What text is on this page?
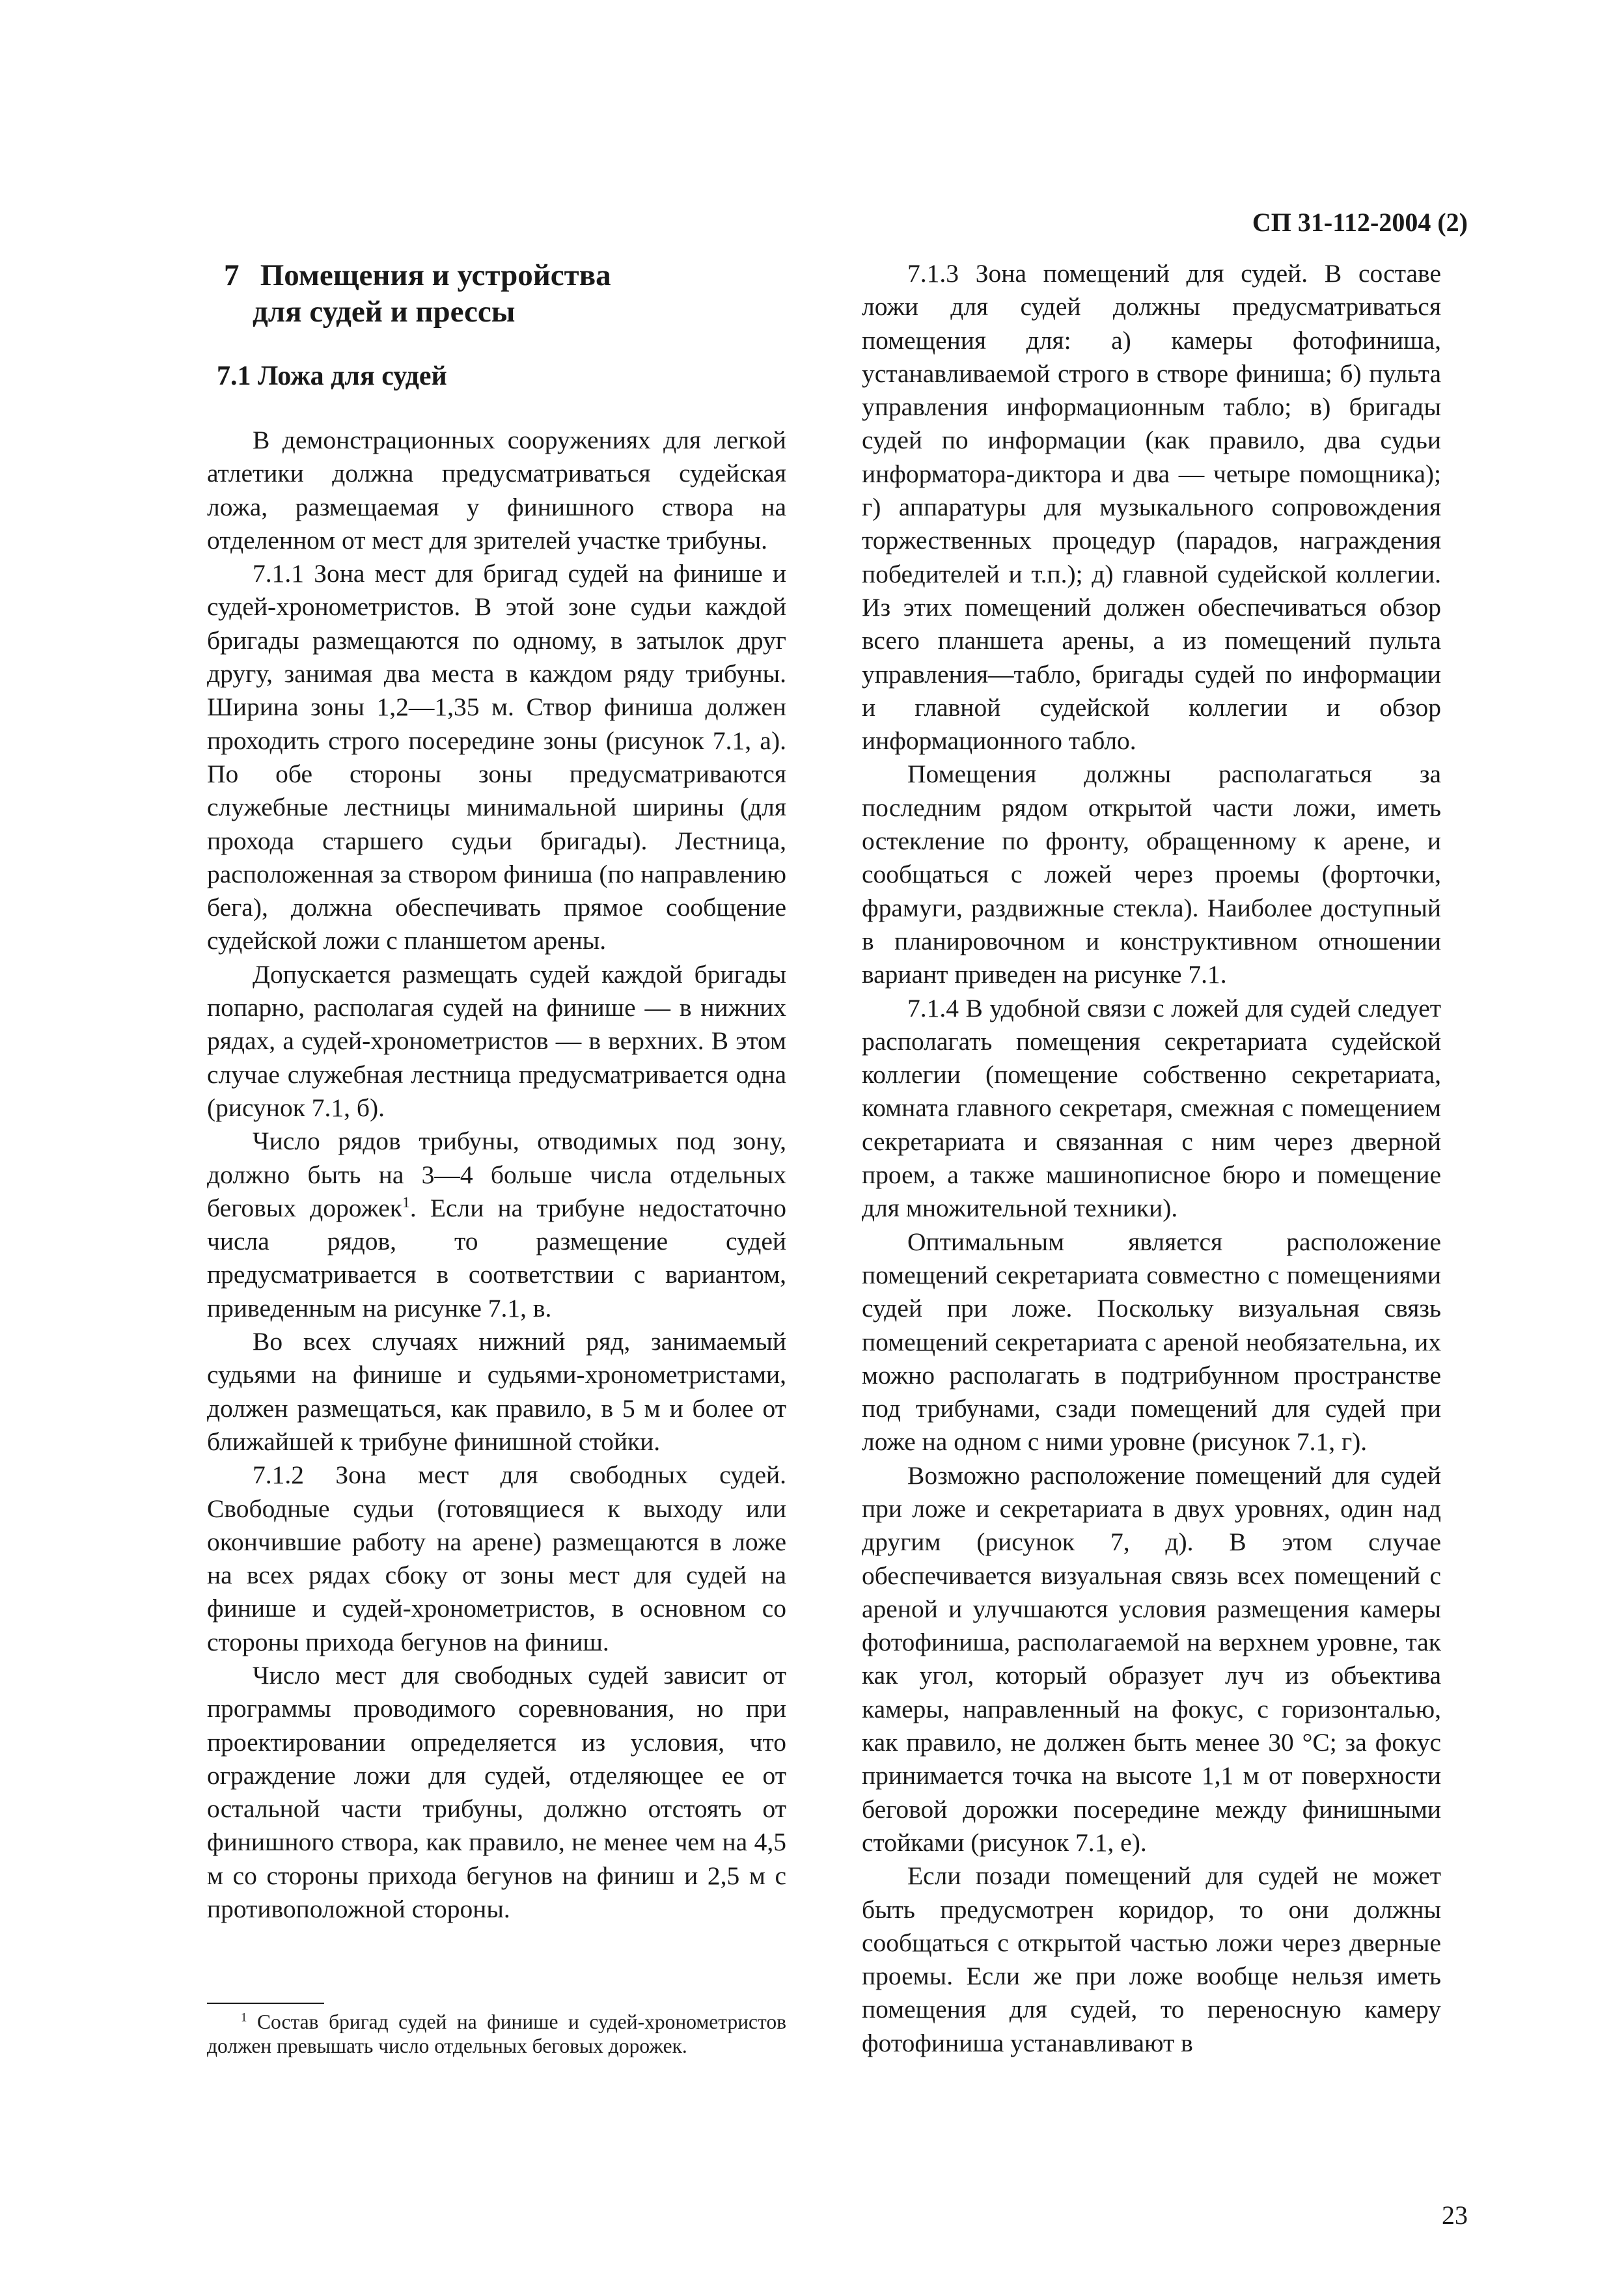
СП 31-112-2004 (2)
7 Помещения и устройства
для судей и прессы
7.1 Ложа для судей

В демонстрационных сооружениях для легкой атлетики должна предусматриваться судейская ложа, размещаемая у финишного створа на отделенном от мест для зрителей участке трибуны.

7.1.1 Зона мест для бригад судей на финише и судей-хронометристов. В этой зоне судьи каждой бригады размещаются по одному, в затылок друг другу, занимая два места в каждом ряду трибуны. Ширина зоны 1,2—1,35 м. Створ финиша должен проходить строго посередине зоны (рисунок 7.1, а). По обе стороны зоны предусматриваются служебные лестницы минимальной ширины (для прохода старшего судьи бригады). Лестница, расположенная за створом финиша (по направлению бега), должна обеспечивать прямое сообщение судейской ложи с планшетом арены.

Допускается размещать судей каждой бригады попарно, располагая судей на финише — в нижних рядах, а судей-хронометристов — в верхних. В этом случае служебная лестница предусматривается одна (рисунок 7.1, б).

Число рядов трибуны, отводимых под зону, должно быть на 3—4 больше числа отдельных беговых дорожек$^1$. Если на трибуне недостаточно числа рядов, то размещение судей предусматривается в соответствии с вариантом, приведенным на рисунке 7.1, в.

Во всех случаях нижний ряд, занимаемый судьями на финише и судьями-хронометристами, должен размещаться, как правило, в 5 м и более от ближайшей к трибуне финишной стойки.

7.1.2 Зона мест для свободных судей. Свободные судьи (готовящиеся к выходу или окончившие работу на арене) размещаются в ложе на всех рядах сбоку от зоны мест для судей на финише и судей-хронометристов, в основном со стороны прихода бегунов на финиш.

Число мест для свободных судей зависит от программы проводимого соревнования, но при проектировании определяется из условия, что ограждение ложи для судей, отделяющее ее от остальной части трибуны, должно отстоять от финишного створа, как правило, не менее чем на 4,5 м со стороны прихода бегунов на финиш и 2,5 м с противоположной стороны.

7.1.3 Зона помещений для судей. В составе ложи для судей должны предусматриваться помещения для: а) камеры фотофиниша, устанавливаемой строго в створе финиша; б) пульта управления информационным табло; в) бригады судей по информации (как правило, два судьи информатора-диктора и два — четыре помощника); г) аппаратуры для музыкального сопровождения торжественных процедур (парадов, награждения победителей и т.п.); д) главной судейской коллегии. Из этих помещений должен обеспечиваться обзор всего планшета арены, а из помещений пульта управления—табло, бригады судей по информации и главной судейской коллегии и обзор информационного табло.

Помещения должны располагаться за последним рядом открытой части ложи, иметь остекление по фронту, обращенному к арене, и сообщаться с ложей через проемы (форточки, фрамуги, раздвижные стекла). Наиболее доступный в планировочном и конструктивном отношении вариант приведен на рисунке 7.1.

7.1.4 В удобной связи с ложей для судей следует располагать помещения секретариата судейской коллегии (помещение собственно секретариата, комната главного секретаря, смежная с помещением секретариата и связанная с ним через дверной проем, а также машинописное бюро и помещение для множительной техники).

Оптимальным является расположение помещений секретариата совместно с помещениями судей при ложе. Поскольку визуальная связь помещений секретариата с ареной необязательна, их можно располагать в подтрибунном пространстве под трибунами, сзади помещений для судей при ложе на одном с ними уровне (рисунок 7.1, г).

Возможно расположение помещений для судей при ложе и секретариата в двух уровнях, один над другим (рисунок 7, д). В этом случае обеспечивается визуальная связь всех помещений с ареной и улучшаются условия размещения камеры фотофиниша, располагаемой на верхнем уровне, так как угол, который образует луч из объектива камеры, направленный на фокус, с горизонталью, как правило, не должен быть менее 30 °С; за фокус принимается точка на высоте 1,1 м от поверхности беговой дорожки посередине между финишными стойками (рисунок 7.1, е).

Если позади помещений для судей не может быть предусмотрен коридор, то они должны сообщаться с открытой частью ложи через дверные проемы. Если же при ложе вообще нельзя иметь помещения для судей, то переносную камеру фотофиниша устанавливают в

$^1$ Состав бригад судей на финише и судей-хронометристов должен превышать число отдельных беговых дорожек.
23
